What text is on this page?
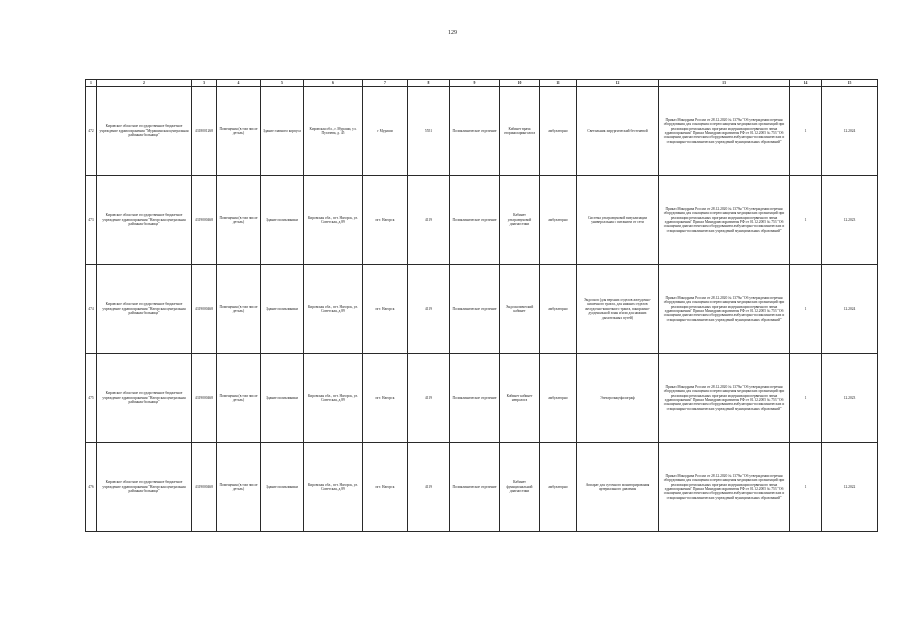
129
1	2	3	4	5	6	7	8	9	10	11	12	13	14	15
472	Кировское областное государственное бюджетное учреждение здравоохранения "Мурашинская центральная районная больница"	4318001268	Помещения (в том числе деталь)	Здание главного корпуса	Кировская обл., г. Мураши, ул. Пугачева, д. 45	г Мураши	5551	Поликлиническое отделение	Кабинет врача оториноларинголога	амбулаторно	Светильник хирургический бестеневой	Приказ Минздрава России от 28.12.2020 № 1379н "Об утверждении перечня оборудования для оснащения и переоснащения медицинских организаций при реализации региональных программ модернизации первичного звена здравоохранения" Приказ Минздравсоцразвития РФ от 01.12.2005 № 753 "Об оснащении диагностическим оборудованием амбулаторно-поликлинических и стационарно-поликлинических учреждений муниципальных образований"	1	12.2024
473	Кировское областное государственное бюджетное учреждение здравоохранения "Нагорская центральная районная больница"	4319000468	Помещения (в том числе деталь)	Здание поликлиники	Кировская обл., пгт. Нагорск, ул. Советская, д.89	пгт. Нагорск	4119	Поликлиническое отделение	Кабинет ультразвуковой диагностики	амбулаторно	Система ультразвуковой визуализации универсальная с питанием от сети	Приказ Минздрава России от 28.12.2020 № 1379н "Об утверждении перечня оборудования для оснащения и переоснащения медицинских организаций при реализации региональных программ модернизации первичного звена здравоохранения" Приказ Минздравсоцразвития РФ от 01.12.2005 № 753 "Об оснащении диагностическим оборудованием амбулаторно-поликлинических и стационарно-поликлинических учреждений муниципальных образований"	1	12.2023
474	Кировское областное государственное бюджетное учреждение здравоохранения "Нагорская центральная районная больница"	4319000468	Помещения (в том числе деталь)	Здание поликлиники	Кировская обл., пгт. Нагорск, ул. Советская, д.89	пгт. Нагорск	4119	Поликлиническое отделение	Эндоскопический кабинет	амбулаторно	Эндоскоп (для верхних отделов желудочно-кишечного тракта, для нижних отделов желудочно-кишечного тракта, панорамно-дуоденальной зоны и/или для нижних дыхательных путей)	Приказ Минздрава России от 28.12.2020 № 1379н "Об утверждении перечня оборудования для оснащения и переоснащения медицинских организаций при реализации региональных программ модернизации первичного звена здравоохранения" Приказ Минздравсоцразвития РФ от 01.12.2005 № 753 "Об оснащении диагностическим оборудованием амбулаторно-поликлинических и стационарно-поликлинических учреждений муниципальных образований"	1	12.2024
475	Кировское областное государственное бюджетное учреждение здравоохранения "Нагорская центральная районная больница"	4319000468	Помещения (в том числе деталь)	Здание поликлиники	Кировская обл., пгт. Нагорск, ул. Советская, д.89	пгт. Нагорск	4119	Поликлиническое отделение	Кабинет кабинет невролога	амбулаторно	Электроэнцефалограф	Приказ Минздрава России от 28.12.2020 № 1379н "Об утверждении перечня оборудования для оснащения и переоснащения медицинских организаций при реализации региональных программ модернизации первичного звена здравоохранения" Приказ Минздравсоцразвития РФ от 01.12.2005 № 753 "Об оснащении диагностическим оборудованием амбулаторно-поликлинических и стационарно-поликлинических учреждений муниципальных образований"	1	12.2023
476	Кировское областное государственное бюджетное учреждение здравоохранения "Нагорская центральная районная больница"	4319000468	Помещения (в том числе деталь)	Здание поликлиники	Кировская обл., пгт. Нагорск, ул. Советская, д.89	пгт. Нагорск	4119	Поликлиническое отделение	Кабинет функциональной диагностики	амбулаторно	Аппарат для суточного мониторирования артериального давления	Приказ Минздрава России от 28.12.2020 № 1379н "Об утверждении перечня оборудования для оснащения и переоснащения медицинских организаций при реализации региональных программ модернизации первичного звена здравоохранения" Приказ Минздравсоцразвития РФ от 01.12.2005 № 753 "Об оснащении диагностическим оборудованием амбулаторно-поликлинических и стационарно-поликлинических учреждений муниципальных образований"	1	12.2022
